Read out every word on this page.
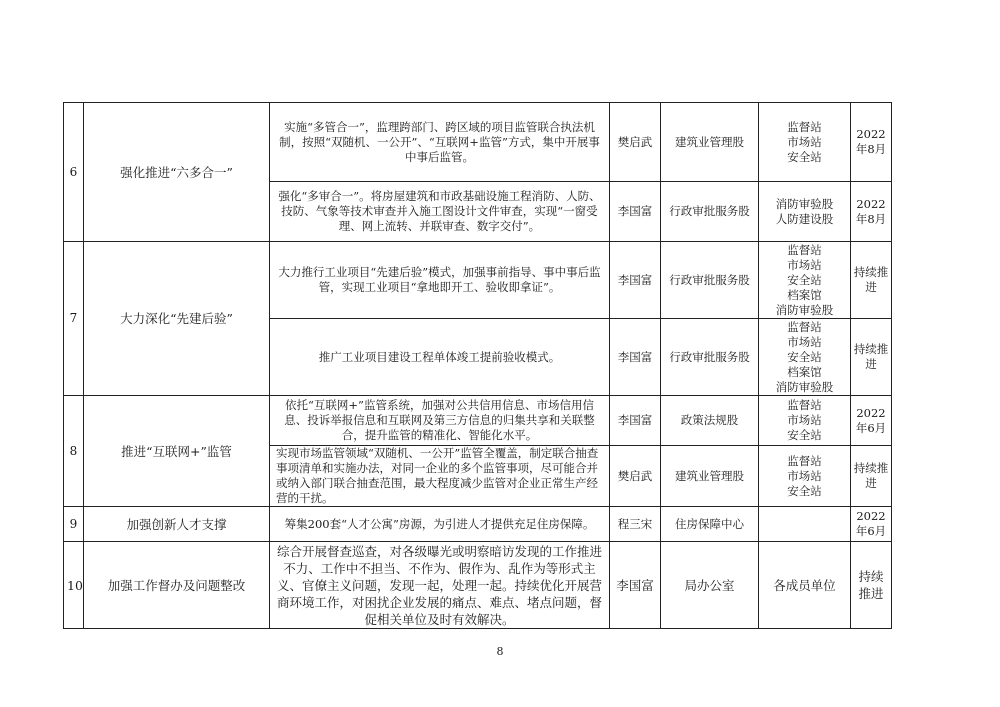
6	强化推进“六多合一”	实施“多管合一”，监理跨部门、跨区域的项目监管联合执法机制，按照“双随机、一公开”、“互联网+监管”方式，集中开展事中事后监管。	樊启武	建筑业管理股	监督站
市场站
安全站	2022年8月
		强化“多审合一”。将房屋建筑和市政基础设施工程消防、人防、技防、气象等技术审查并入施工图设计文件审查，实现“一窗受理、网上流转、并联审查、数字交付”。	李国富	行政审批服务股	消防审验股
人防建设股	2022年8月
7	大力深化“先建后验”	大力推行工业项目“先建后验”模式，加强事前指导、事中事后监管，实现工业项目“拿地即开工、验收即拿证”。	李国富	行政审批服务股	监督站
市场站
安全站
档案馆
消防审验股	持续推进
		推广工业项目建设工程单体竣工提前验收模式。	李国富	行政审批服务股	监督站
市场站
安全站
档案馆
消防审验股	持续推进
8	推进“互联网+”监管	依托“互联网+”监管系统，加强对公共信用信息、市场信用信息、投诉举报信息和互联网及第三方信息的归集共享和关联整合，提升监管的精准化、智能化水平。	李国富	政策法规股	监督站
市场站
安全站	2022年6月
		实现市场监管领域“双随机、一公开”监管全覆盖，制定联合抽查事项清单和实施办法，对同一企业的多个监管事项，尽可能合并或纳入部门联合抽查范围，最大程度减少监管对企业正常生产经营的干扰。	樊启武	建筑业管理股	监督站
市场站
安全站	持续推进
9	加强创新人才支撑	筹集200套“人才公寓”房源，为引进人才提供充足住房保障。	程三宋	住房保障中心		2022年6月
10	加强工作督办及问题整改	综合开展督查巡查，对各级曝光或明察暗访发现的工作推进不力、工作中不担当、不作为、假作为、乱作为等形式主义、官僚主义问题，发现一起，处理一起。持续优化开展营商环境工作，对困扰企业发展的痛点、难点、堵点问题，督促相关单位及时有效解决。	李国富	局办公室	各成员单位	持续推进
8
